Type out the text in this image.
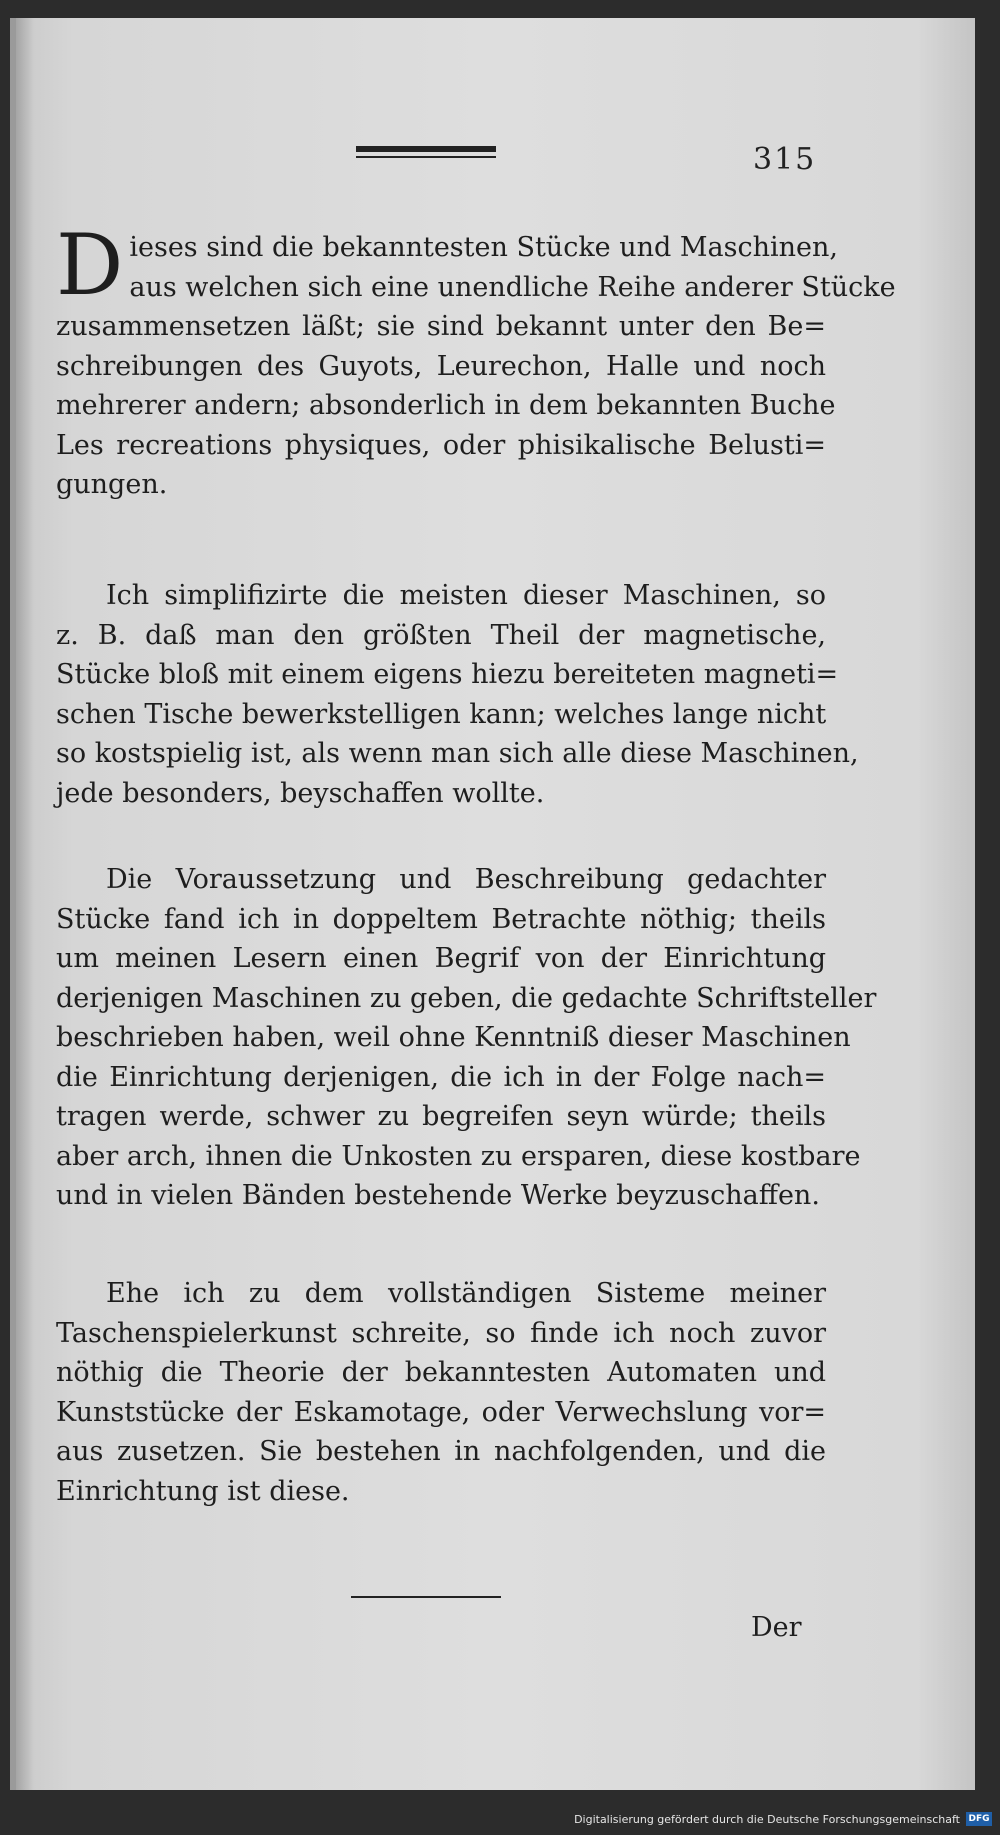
315
D ieses sind die bekanntesten Stücke und Maschinen,
aus welchen sich eine unendliche Reihe anderer Stücke
zusammensetzen läßt; sie sind bekannt unter den Be=
schreibungen des Guyots, Leurechon, Halle und noch
mehrerer andern; absonderlich in dem bekannten Buche
Les recreations physiques, oder phisikalische Belusti=
gungen.
Ich simplifizirte die meisten dieser Maschinen, so
z. B. daß man den größten Theil der magnetische,
Stücke bloß mit einem eigens hiezu bereiteten magneti=
schen Tische bewerkstelligen kann; welches lange nicht
so kostspielig ist, als wenn man sich alle diese Maschinen,
jede besonders, beyschaffen wollte.
Die Voraussetzung und Beschreibung gedachter
Stücke fand ich in doppeltem Betrachte nöthig; theils
um meinen Lesern einen Begrif von der Einrichtung
derjenigen Maschinen zu geben, die gedachte Schriftsteller
beschrieben haben, weil ohne Kenntniß dieser Maschinen
die Einrichtung derjenigen, die ich in der Folge nach=
tragen werde, schwer zu begreifen seyn würde; theils
aber arch, ihnen die Unkosten zu ersparen, diese kostbare
und in vielen Bänden bestehende Werke beyzuschaffen.
Ehe ich zu dem vollständigen Sisteme meiner
Taschenspielerkunst schreite, so finde ich noch zuvor
nöthig die Theorie der bekanntesten Automaten und
Kunststücke der Eskamotage, oder Verwechslung vor=
aus zusetzen. Sie bestehen in nachfolgenden, und die
Einrichtung ist diese.
Der
Digitalisierung gefördert durch die Deutsche Forschungsgemeinschaft DFG
